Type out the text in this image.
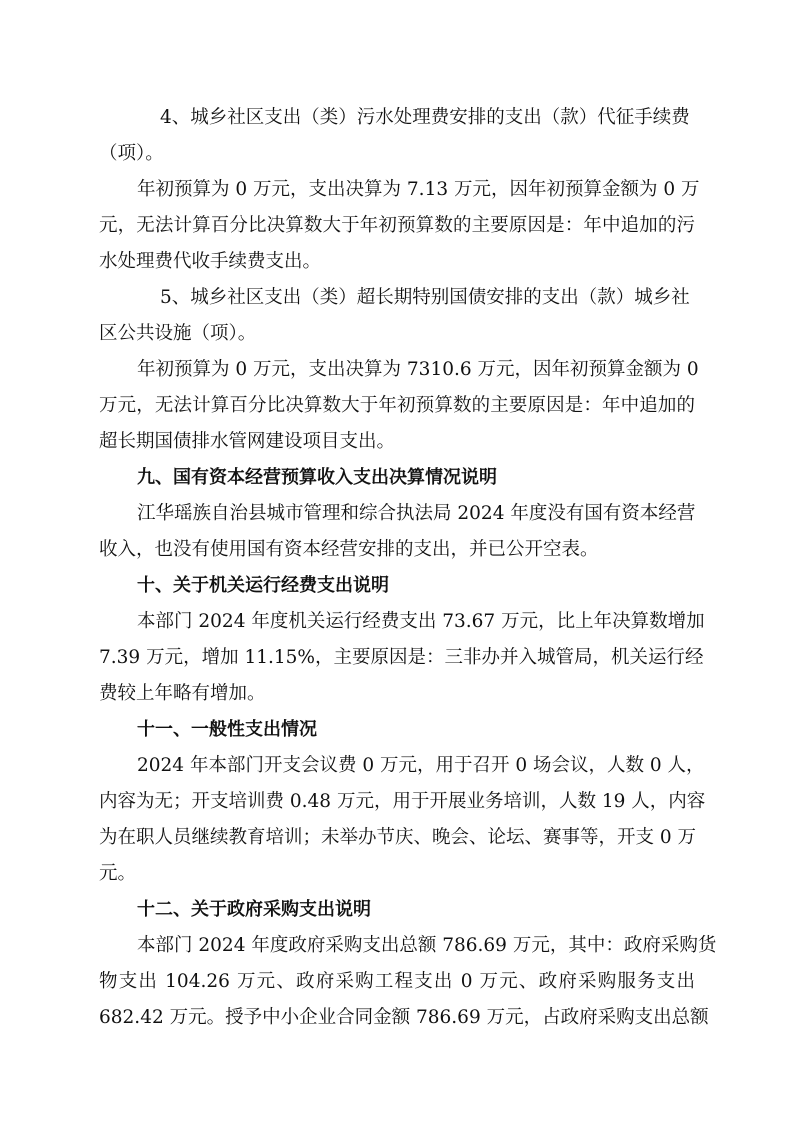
4、城乡社区支出（类）污水处理费安排的支出（款）代征手续费
（项）。
年初预算为 0 万元，支出决算为 7.13 万元，因年初预算金额为 0 万
元，无法计算百分比决算数大于年初预算数的主要原因是：年中追加的污
水处理费代收手续费支出。
5、城乡社区支出（类）超长期特别国债安排的支出（款）城乡社
区公共设施（项）。
年初预算为 0 万元，支出决算为 7310.6 万元，因年初预算金额为 0
万元，无法计算百分比决算数大于年初预算数的主要原因是：年中追加的
超长期国债排水管网建设项目支出。
九、国有资本经营预算收入支出决算情况说明
江华瑶族自治县城市管理和综合执法局 2024 年度没有国有资本经营
收入，也没有使用国有资本经营安排的支出，并已公开空表。
十、关于机关运行经费支出说明
本部门 2024 年度机关运行经费支出 73.67 万元，比上年决算数增加
7.39 万元，增加 11.15%，主要原因是：三非办并入城管局，机关运行经
费较上年略有增加。
十一、一般性支出情况
2024 年本部门开支会议费 0 万元，用于召开 0 场会议，人数 0 人，
内容为无；开支培训费 0.48 万元，用于开展业务培训，人数 19 人，内容
为在职人员继续教育培训；未举办节庆、晚会、论坛、赛事等，开支 0 万
元。
十二、关于政府采购支出说明
本部门 2024 年度政府采购支出总额 786.69 万元，其中：政府采购货
物支出 104.26 万元、政府采购工程支出 0 万元、政府采购服务支出
682.42 万元。授予中小企业合同金额 786.69 万元，占政府采购支出总额
